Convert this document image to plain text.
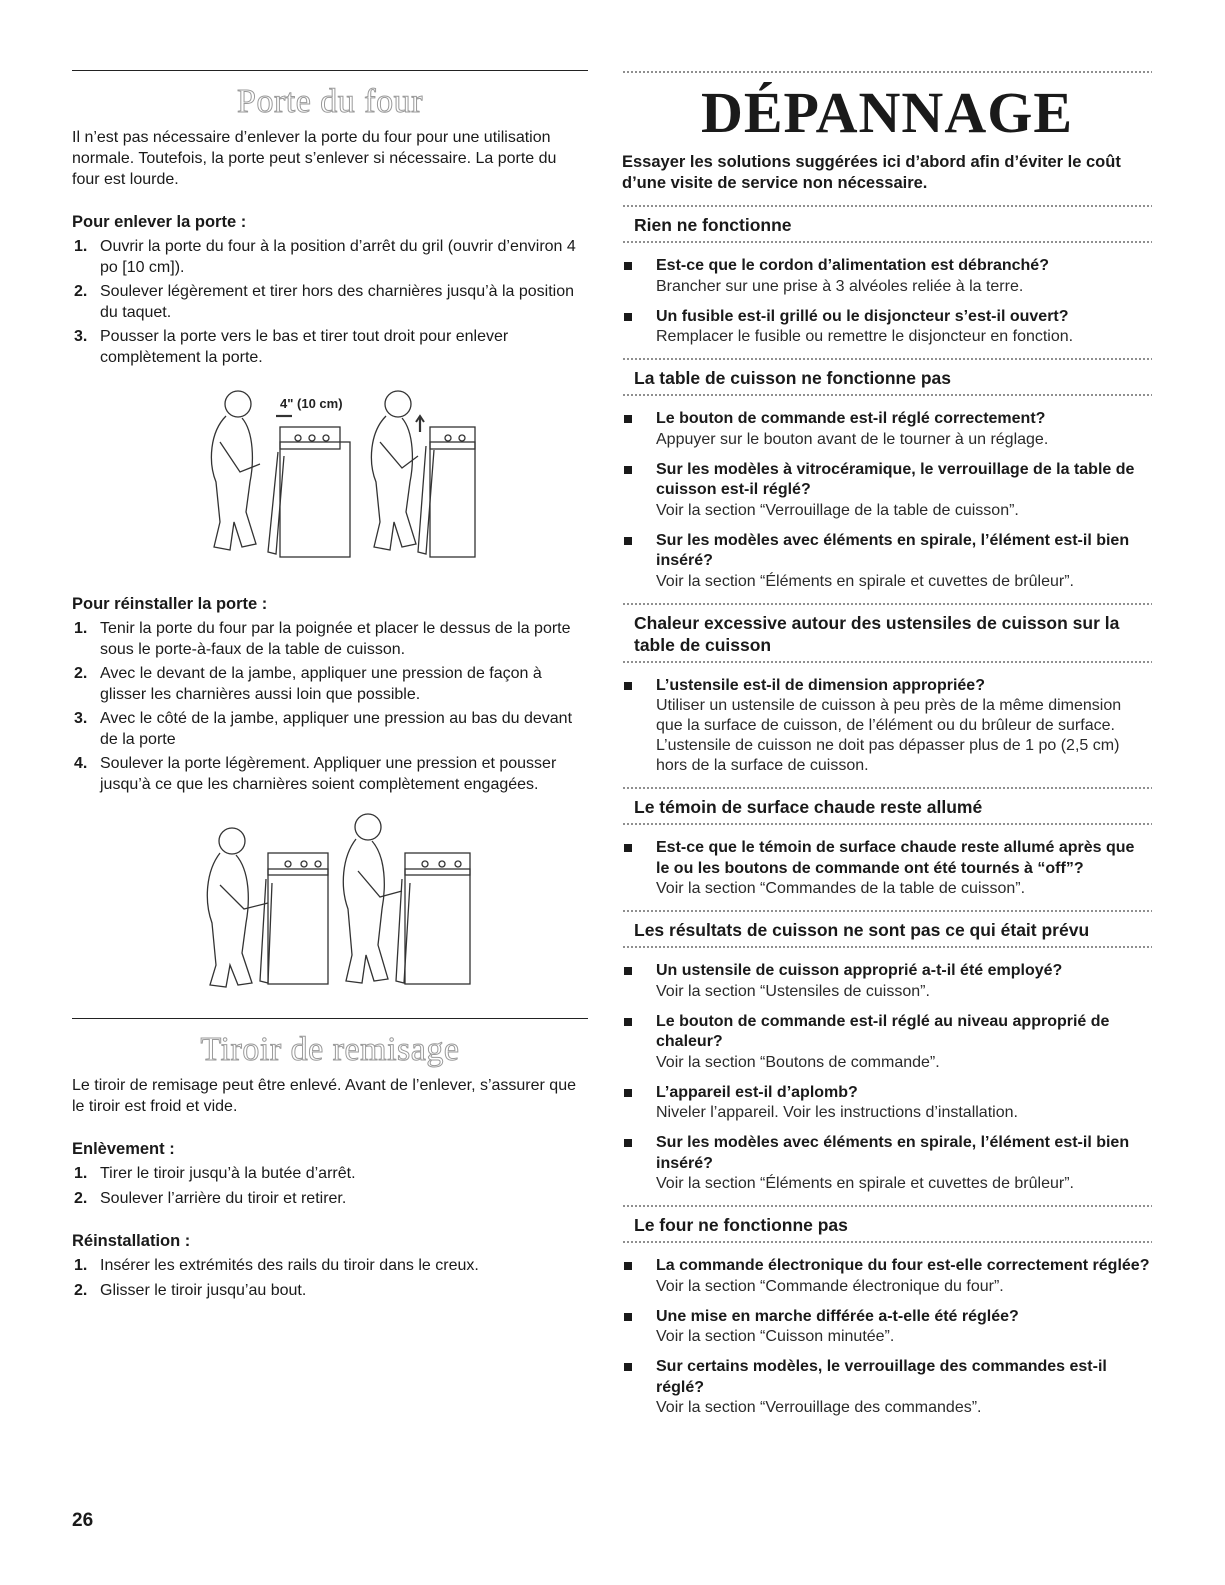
Porte du four

Il n’est pas nécessaire d’enlever la porte du four pour une utilisation normale. Toutefois, la porte peut s’enlever si nécessaire. La porte du four est lourde.

Pour enlever la porte :
1. Ouvrir la porte du four à la position d’arrêt du gril (ouvrir d’environ 4 po [10 cm]).
2. Soulever légèrement et tirer hors des charnières jusqu’à la position du taquet.
3. Pousser la porte vers le bas et tirer tout droit pour enlever complètement la porte.
4" (10 cm)
Pour réinstaller la porte :
1. Tenir la porte du four par la poignée et placer le dessus de la porte sous le porte-à-faux de la table de cuisson.
2. Avec le devant de la jambe, appliquer une pression de façon à glisser les charnières aussi loin que possible.
3. Avec le côté de la jambe, appliquer une pression au bas du devant de la porte
4. Soulever la porte légèrement. Appliquer une pression et pousser jusqu’à ce que les charnières soient complètement engagées.
Tiroir de remisage

Le tiroir de remisage peut être enlevé. Avant de l’enlever, s’assurer que le tiroir est froid et vide.

Enlèvement :
1. Tirer le tiroir jusqu’à la butée d’arrêt.
2. Soulever l’arrière du tiroir et retirer.
Réinstallation :
1. Insérer les extrémités des rails du tiroir dans le creux.
2. Glisser le tiroir jusqu’au bout.
DÉPANNAGE

Essayer les solutions suggérées ici d’abord afin d’éviter le coût d’une visite de service non nécessaire.

Rien ne fonctionne
Est-ce que le cordon d’alimentation est débranché?
Brancher sur une prise à 3 alvéoles reliée à la terre.
Un fusible est-il grillé ou le disjoncteur s’est-il ouvert?
Remplacer le fusible ou remettre le disjoncteur en fonction.
La table de cuisson ne fonctionne pas
Le bouton de commande est-il réglé correctement?
Appuyer sur le bouton avant de le tourner à un réglage.
Sur les modèles à vitrocéramique, le verrouillage de la table de cuisson est-il réglé?
Voir la section “Verrouillage de la table de cuisson”.
Sur les modèles avec éléments en spirale, l’élément est-il bien inséré?
Voir la section “Éléments en spirale et cuvettes de brûleur”.
Chaleur excessive autour des ustensiles de cuisson sur la table de cuisson
L’ustensile est-il de dimension appropriée?
Utiliser un ustensile de cuisson à peu près de la même dimension que la surface de cuisson, de l’élément ou du brûleur de surface. L’ustensile de cuisson ne doit pas dépasser plus de 1 po (2,5 cm) hors de la surface de cuisson.
Le témoin de surface chaude reste allumé
Est-ce que le témoin de surface chaude reste allumé après que le ou les boutons de commande ont été tournés à “off”?
Voir la section “Commandes de la table de cuisson”.
Les résultats de cuisson ne sont pas ce qui était prévu
Un ustensile de cuisson approprié a-t-il été employé?
Voir la section “Ustensiles de cuisson”.
Le bouton de commande est-il réglé au niveau approprié de chaleur?
Voir la section “Boutons de commande”.
L’appareil est-il d’aplomb?
Niveler l’appareil. Voir les instructions d’installation.
Sur les modèles avec éléments en spirale, l’élément est-il bien inséré?
Voir la section “Éléments en spirale et cuvettes de brûleur”.
Le four ne fonctionne pas
La commande électronique du four est-elle correctement réglée?
Voir la section “Commande électronique du four”.
Une mise en marche différée a-t-elle été réglée?
Voir la section “Cuisson minutée”.
Sur certains modèles, le verrouillage des commandes est-il réglé?
Voir la section “Verrouillage des commandes”.
26
